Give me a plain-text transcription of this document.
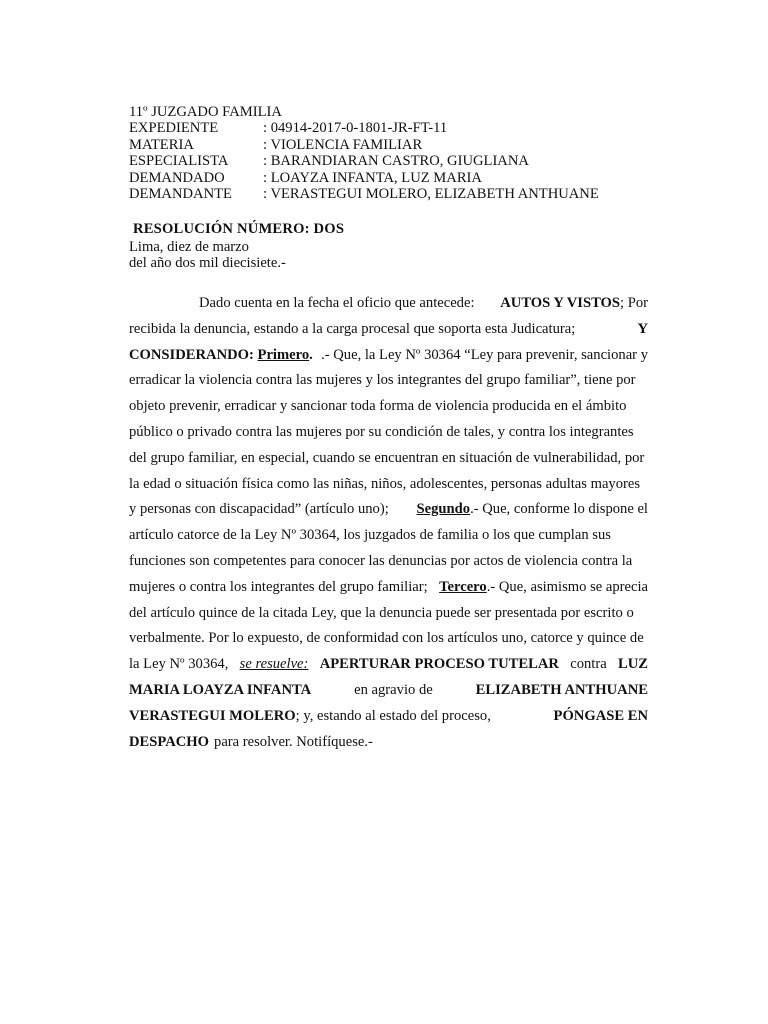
11º JUZGADO FAMILIA
EXPEDIENTE	: 04914-2017-0-1801-JR-FT-11
MATERIA	: VIOLENCIA FAMILIAR
ESPECIALISTA : BARANDIARAN CASTRO, GIUGLIANA
DEMANDADO	: LOAYZA INFANTA, LUZ MARIA
DEMANDANTE : VERASTEGUI MOLERO, ELIZABETH ANTHUANE
RESOLUCIÓN NÚMERO: DOS
Lima, diez de marzo
del año dos mil diecisiete.-
Dado cuenta en la fecha el oficio que antecede: AUTOS Y VISTOS; Por
recibida la denuncia, estando a la carga procesal que soporta esta Judicatura;	Y
CONSIDERANDO: Primero. .- Que, la Ley Nº 30364 “Ley para prevenir, sancionar y
erradicar la violencia contra las mujeres y los integrantes del grupo familiar”, tiene por
objeto prevenir, erradicar y sancionar toda forma de violencia producida en el ámbito
público o privado contra las mujeres por su condición de tales, y contra los integrantes
del grupo familiar, en especial, cuando se encuentran en situación de vulnerabilidad, por
la edad o situación física como las niñas, niños, adolescentes, personas adultas mayores
y personas con discapacidad” (artículo uno); Segundo.- Que, conforme lo dispone el
artículo catorce de la Ley Nº 30364, los juzgados de familia o los que cumplan sus
funciones son competentes para conocer las denuncias por actos de violencia contra la
mujeres o contra los integrantes del grupo familiar; Tercero.- Que, asimismo se aprecia
del artículo quince de la citada Ley, que la denuncia puede ser presentada por escrito o
verbalmente. Por lo expuesto, de conformidad con los artículos uno, catorce y quince de
la Ley Nº 30364, se resuelve: APERTURAR PROCESO TUTELAR contra LUZ
MARIA LOAYZA INFANTA	en agravio de	ELIZABETH ANTHUANE
VERASTEGUI MOLERO; y, estando al estado del proceso,	PÓNGASE EN
DESPACHO para resolver. Notifíquese.-
